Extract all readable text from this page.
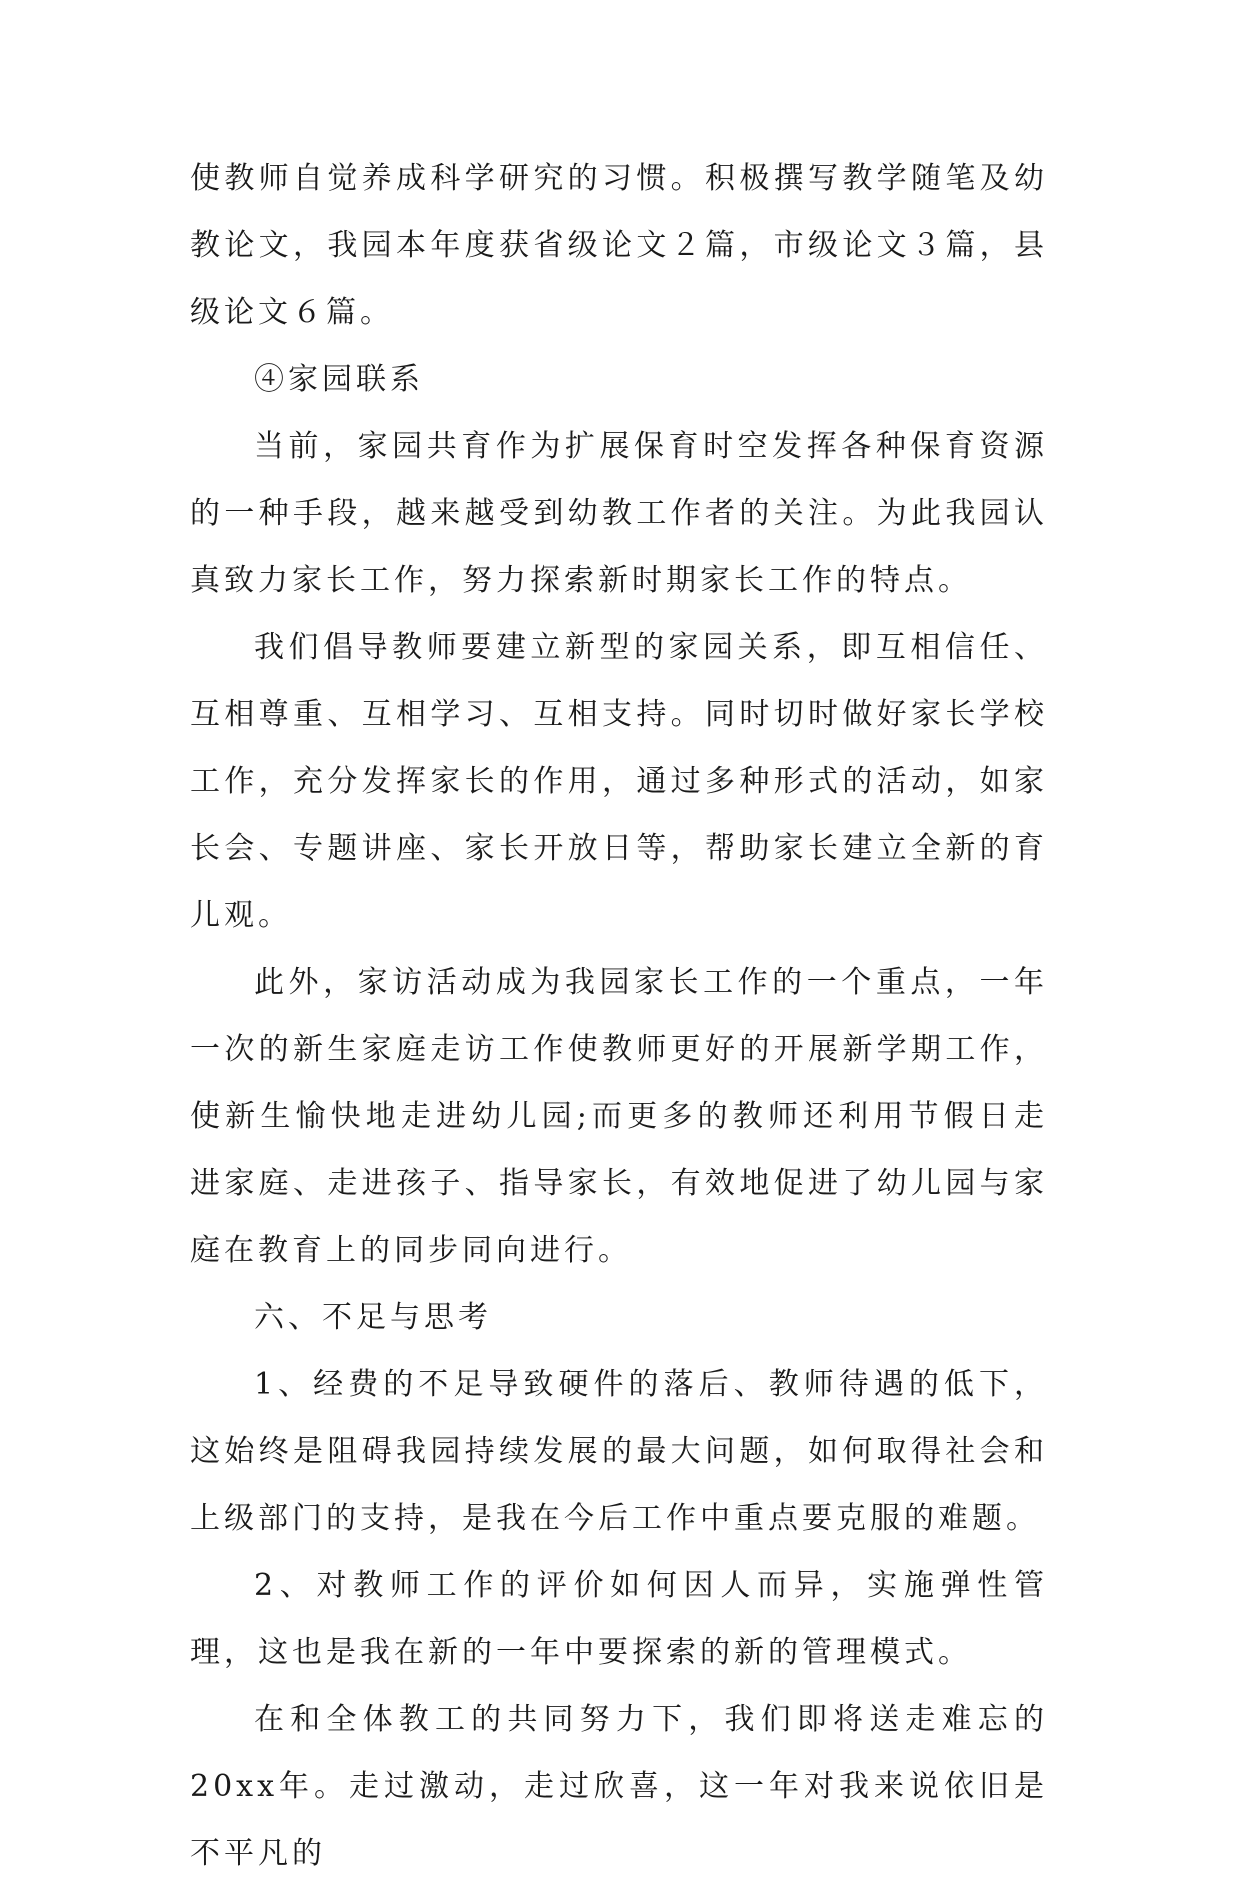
使教师自觉养成科学研究的习惯。积极撰写教学随笔及幼教论文，我园本年度获省级论文２篇，市级论文３篇，县级论文６篇。

④家园联系

当前，家园共育作为扩展保育时空发挥各种保育资源的一种手段，越来越受到幼教工作者的关注。为此我园认真致力家长工作，努力探索新时期家长工作的特点。

我们倡导教师要建立新型的家园关系，即互相信任、互相尊重、互相学习、互相支持。同时切时做好家长学校工作，充分发挥家长的作用，通过多种形式的活动，如家长会、专题讲座、家长开放日等，帮助家长建立全新的育儿观。

此外，家访活动成为我园家长工作的一个重点，一年一次的新生家庭走访工作使教师更好的开展新学期工作，使新生愉快地走进幼儿园;而更多的教师还利用节假日走进家庭、走进孩子、指导家长，有效地促进了幼儿园与家庭在教育上的同步同向进行。

六、不足与思考

1、经费的不足导致硬件的落后、教师待遇的低下，这始终是阻碍我园持续发展的最大问题，如何取得社会和上级部门的支持，是我在今后工作中重点要克服的难题。

2、对教师工作的评价如何因人而异，实施弹性管理，这也是我在新的一年中要探索的新的管理模式。

在和全体教工的共同努力下，我们即将送走难忘的20xx年。走过激动，走过欣喜，这一年对我来说依旧是不平凡的
